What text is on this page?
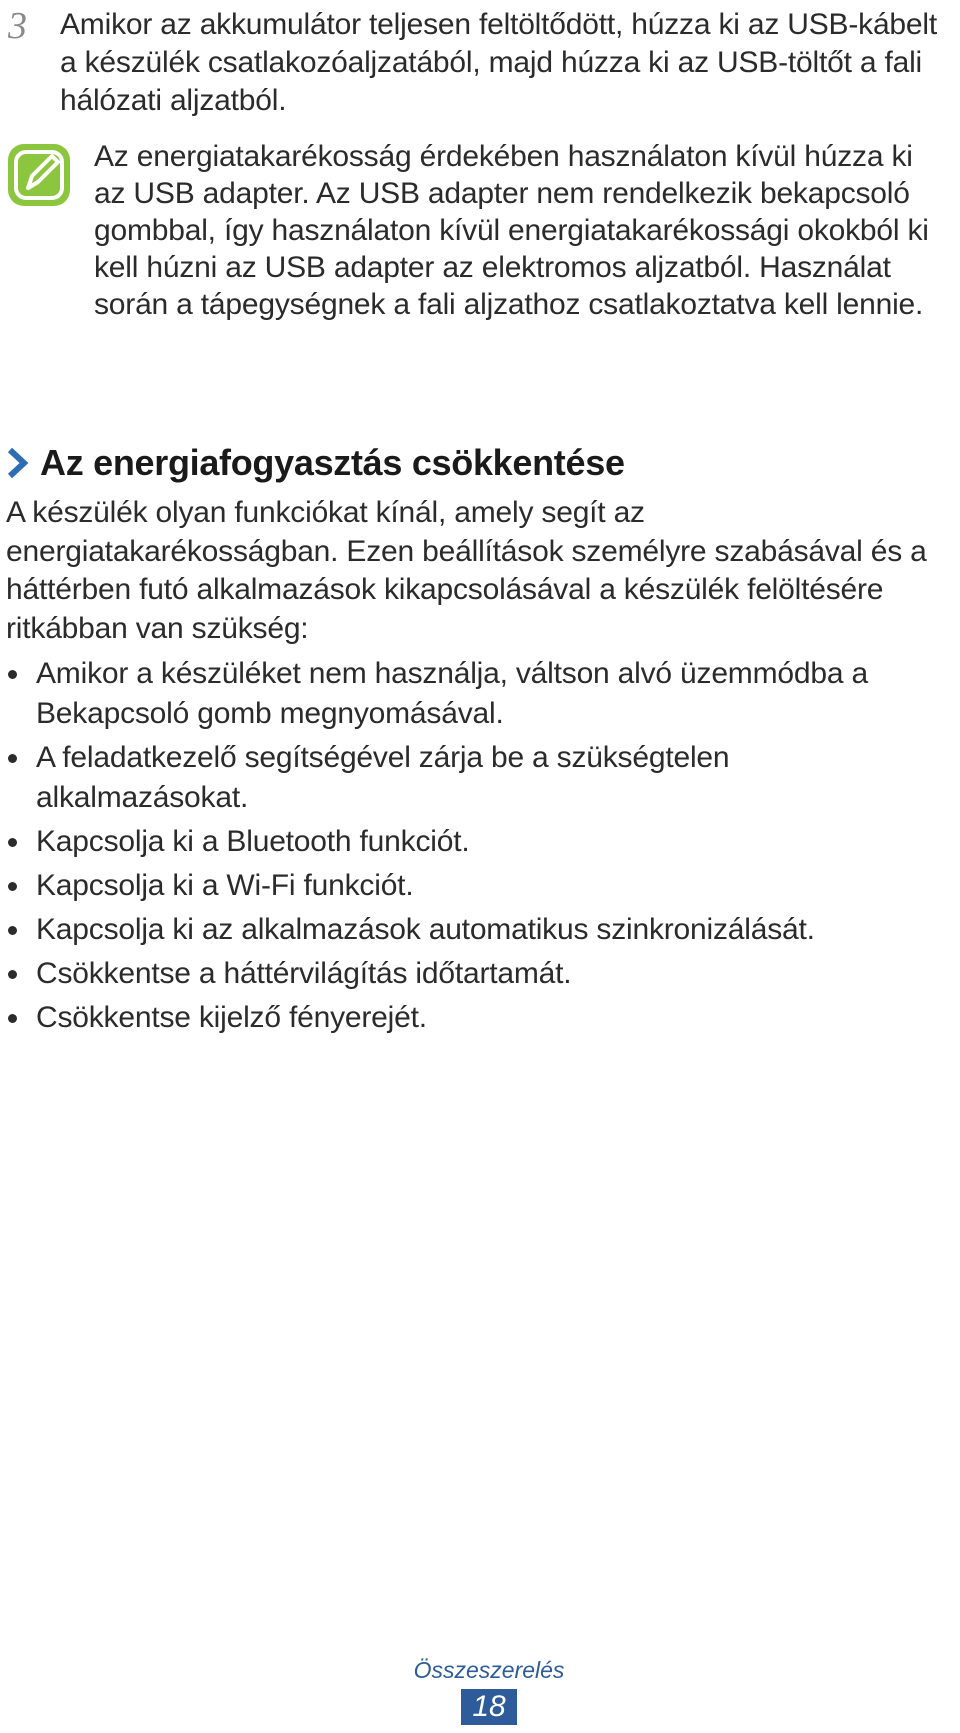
3 Amikor az akkumulátor teljesen feltöltődött, húzza ki az USB-kábelt a készülék csatlakozóaljzatából, majd húzza ki az USB-töltőt a fali hálózati aljzatból.
Az energiatakarékosság érdekében használaton kívül húzza ki az USB adapter. Az USB adapter nem rendelkezik bekapcsoló gombbal, így használaton kívül energiatakarékossági okokból ki kell húzni az USB adapter az elektromos aljzatból. Használat során a tápegységnek a fali aljzathoz csatlakoztatva kell lennie.
Az energiafogyasztás csökkentése
A készülék olyan funkciókat kínál, amely segít az energiatakarékosságban. Ezen beállítások személyre szabásával és a háttérben futó alkalmazások kikapcsolásával a készülék felöltésére ritkábban van szükség:
Amikor a készüléket nem használja, váltson alvó üzemmódba a Bekapcsoló gomb megnyomásával.
A feladatkezelő segítségével zárja be a szükségtelen alkalmazásokat.
Kapcsolja ki a Bluetooth funkciót.
Kapcsolja ki a Wi-Fi funkciót.
Kapcsolja ki az alkalmazások automatikus szinkronizálását.
Csökkentse a háttérvilágítás időtartamát.
Csökkentse kijelző fényerejét.
Összeszerelés
18
